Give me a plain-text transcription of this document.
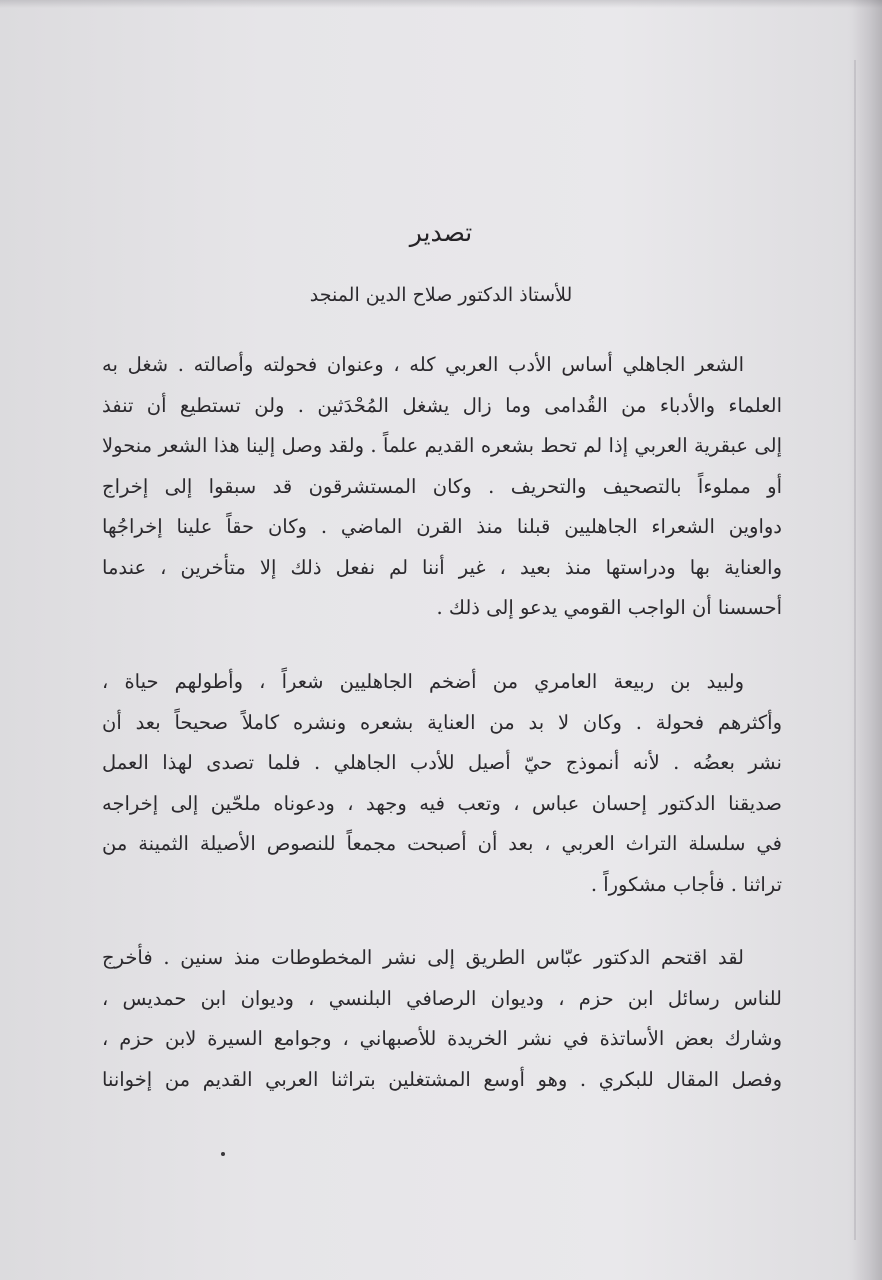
تصدير
للأستاذ الدكتور صلاح الدين المنجد
الشعر الجاهلي أساس الأدب العربي كله ، وعنوان فحولته وأصالته . شغل به
العلماء والأدباء من القُدامى وما زال يشغل المُحْدَثين . ولن تستطيع أن تنفذ
إلى عبقرية العربي إذا لم تحط بشعره القديم علماً . ولقد وصل إلينا هذا الشعر منحولا
أو مملوءاً بالتصحيف والتحريف . وكان المستشرقون قد سبقوا إلى إخراج
دواوين الشعراء الجاهليين قبلنا منذ القرن الماضي . وكان حقاً علينا إخراجُها
والعناية بها ودراستها منذ بعيد ، غير أننا لم نفعل ذلك إلا متأخرين ، عندما
أحسسنا أن الواجب القومي يدعو إلى ذلك .
ولبيد بن ربيعة العامري من أضخم الجاهليين شعراً ، وأطولهم حياة ،
وأكثرهم فحولة . وكان لا بد من العناية بشعره ونشره كاملاً صحيحاً بعد أن
نشر بعضُه . لأنه أنموذج حيّ أصيل للأدب الجاهلي . فلما تصدى لهذا العمل
صديقنا الدكتور إحسان عباس ، وتعب فيه وجهد ، ودعوناه ملحّين إلى إخراجه
في سلسلة التراث العربي ، بعد أن أصبحت مجمعاً للنصوص الأصيلة الثمينة من
تراثنا . فأجاب مشكوراً .
لقد اقتحم الدكتور عبّاس الطريق إلى نشر المخطوطات منذ سنين . فأخرج
للناس رسائل ابن حزم ، وديوان الرصافي البلنسي ، وديوان ابن حمديس ،
وشارك بعض الأساتذة في نشر الخريدة للأصبهاني ، وجوامع السيرة لابن حزم ،
وفصل المقال للبكري . وهو أوسع المشتغلين بتراثنا العربي القديم من إخواننا
